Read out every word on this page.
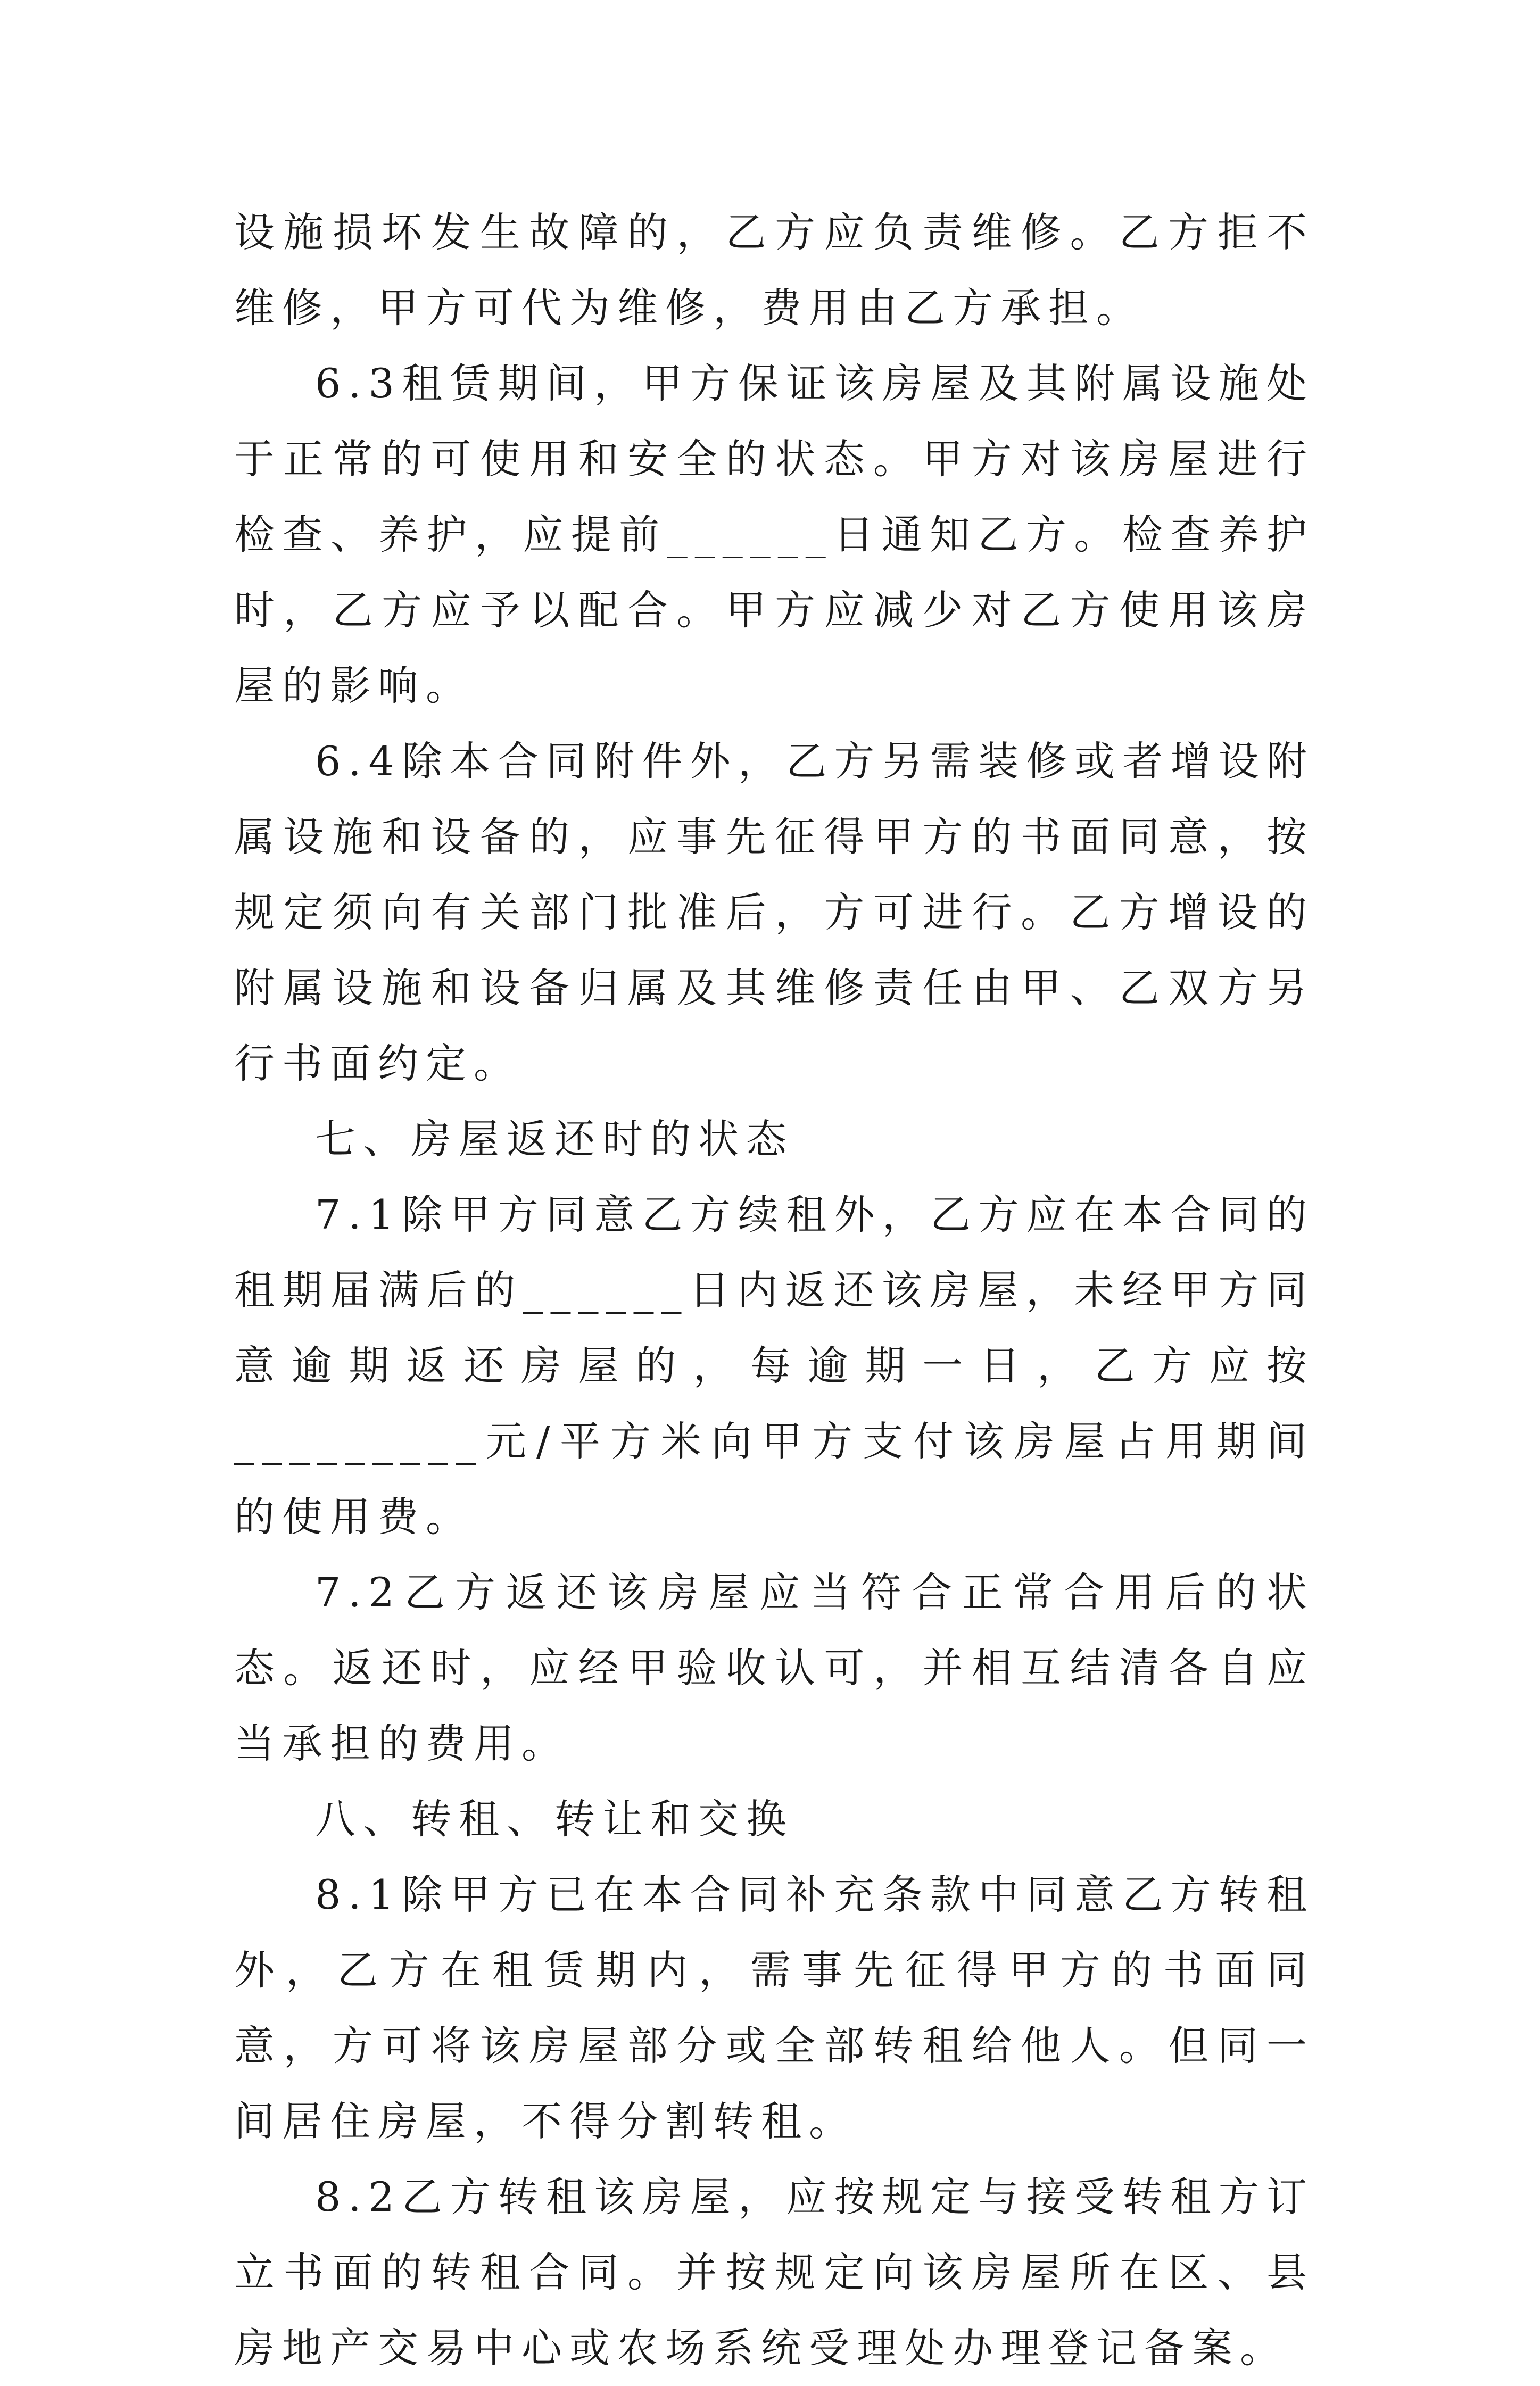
设施损坏发生故障的，乙方应负责维修。乙方拒不维修，甲方可代为维修，费用由乙方承担。

6.3租赁期间，甲方保证该房屋及其附属设施处于正常的可使用和安全的状态。甲方对该房屋进行检查、养护，应提前______日通知乙方。检查养护时，乙方应予以配合。甲方应减少对乙方使用该房屋的影响。

6.4除本合同附件外，乙方另需装修或者增设附属设施和设备的，应事先征得甲方的书面同意，按规定须向有关部门批准后，方可进行。乙方增设的附属设施和设备归属及其维修责任由甲、乙双方另行书面约定。

七、房屋返还时的状态

7.1除甲方同意乙方续租外，乙方应在本合同的租期届满后的______日内返还该房屋，未经甲方同意逾期返还房屋的，每逾期一日，乙方应按_________元/平方米向甲方支付该房屋占用期间的使用费。

7.2乙方返还该房屋应当符合正常合用后的状态。返还时，应经甲验收认可，并相互结清各自应当承担的费用。

八、转租、转让和交换

8.1除甲方已在本合同补充条款中同意乙方转租外，乙方在租赁期内，需事先征得甲方的书面同意，方可将该房屋部分或全部转租给他人。但同一间居住房屋，不得分割转租。

8.2乙方转租该房屋，应按规定与接受转租方订立书面的转租合同。并按规定向该房屋所在区、县房地产交易中心或农场系统受理处办理登记备案。
